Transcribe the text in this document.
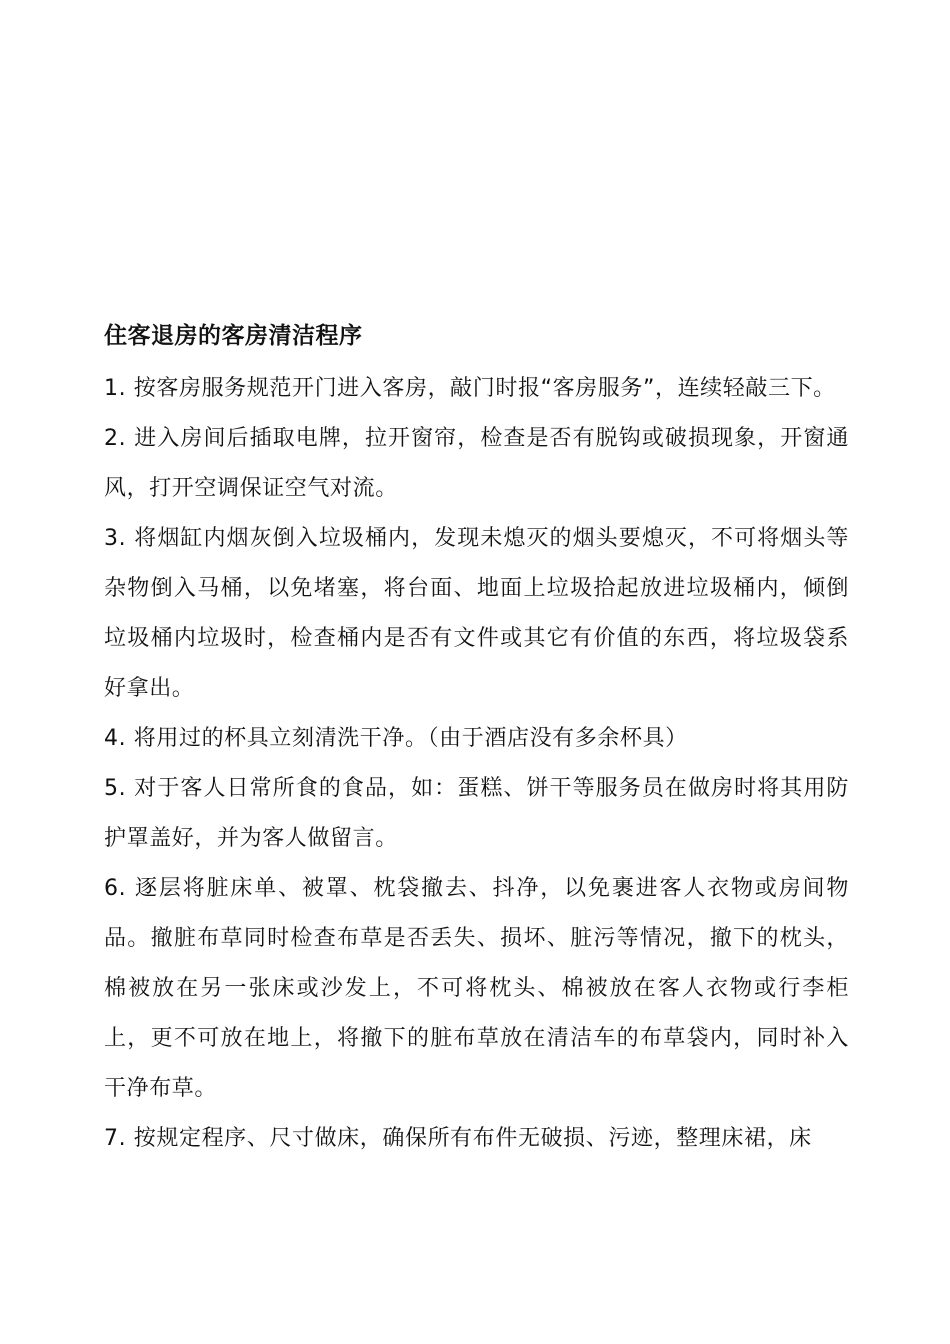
住客退房的客房清洁程序

1. 按客房服务规范开门进入客房，敲门时报“客房服务”，连续轻敲三下。

2. 进入房间后插取电牌，拉开窗帘，检查是否有脱钩或破损现象，开窗通风，打开空调保证空气对流。

3. 将烟缸内烟灰倒入垃圾桶内，发现未熄灭的烟头要熄灭，不可将烟头等杂物倒入马桶，以免堵塞，将台面、地面上垃圾拾起放进垃圾桶内，倾倒垃圾桶内垃圾时，检查桶内是否有文件或其它有价值的东西，将垃圾袋系好拿出。

4. 将用过的杯具立刻清洗干净。（由于酒店没有多余杯具）

5. 对于客人日常所食的食品，如：蛋糕、饼干等服务员在做房时将其用防护罩盖好，并为客人做留言。

6. 逐层将脏床单、被罩、枕袋撤去、抖净，以免裹进客人衣物或房间物品。撤脏布草同时检查布草是否丢失、损坏、脏污等情况，撤下的枕头，棉被放在另一张床或沙发上，不可将枕头、棉被放在客人衣物或行李柜上，更不可放在地上，将撤下的脏布草放在清洁车的布草袋内，同时补入干净布草。

7. 按规定程序、尺寸做床，确保所有布件无破损、污迹，整理床裙，床
